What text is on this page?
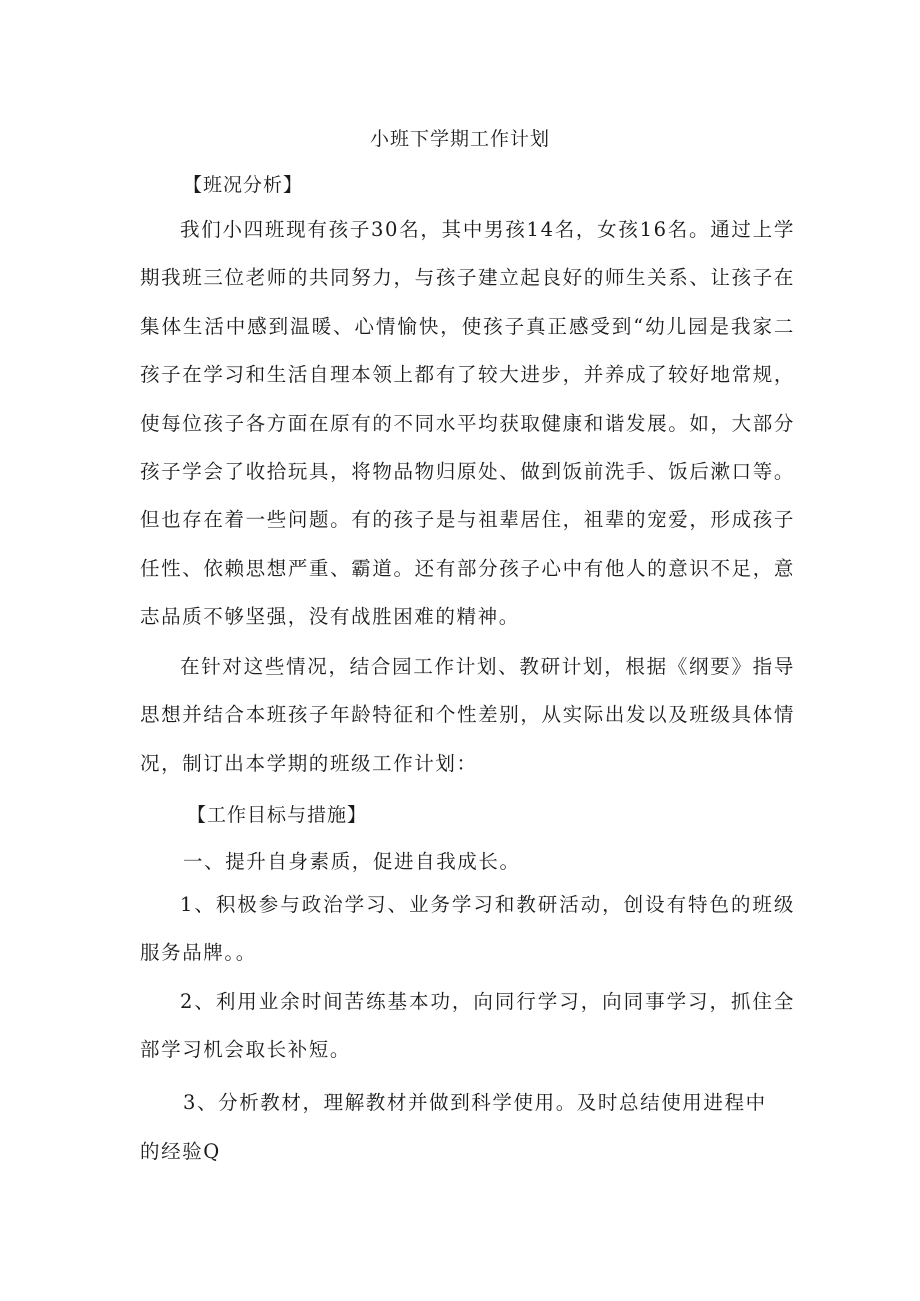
小班下学期工作计划
【班况分析】
我们小四班现有孩子30名，其中男孩14名，女孩16名。通过上学期我班三位老师的共同努力，与孩子建立起良好的师生关系、让孩子在集体生活中感到温暖、心情愉快，使孩子真正感受到“幼儿园是我家二孩子在学习和生活自理本领上都有了较大进步，并养成了较好地常规，使每位孩子各方面在原有的不同水平均获取健康和谐发展。如，大部分孩子学会了收拾玩具，将物品物归原处、做到饭前洗手、饭后漱口等。但也存在着一些问题。有的孩子是与祖辈居住，祖辈的宠爱，形成孩子任性、依赖思想严重、霸道。还有部分孩子心中有他人的意识不足，意志品质不够坚强，没有战胜困难的精神。
在针对这些情况，结合园工作计划、教研计划，根据《纲要》指导思想并结合本班孩子年龄特征和个性差别，从实际出发以及班级具体情况，制订出本学期的班级工作计划：
【工作目标与措施】
一、提升自身素质，促进自我成长。
1、积极参与政治学习、业务学习和教研活动，创设有特色的班级服务品牌。。
2、利用业余时间苦练基本功，向同行学习，向同事学习，抓住全部学习机会取长补短。
3、分析教材，理解教材并做到科学使用。及时总结使用进程中
的经验Q
